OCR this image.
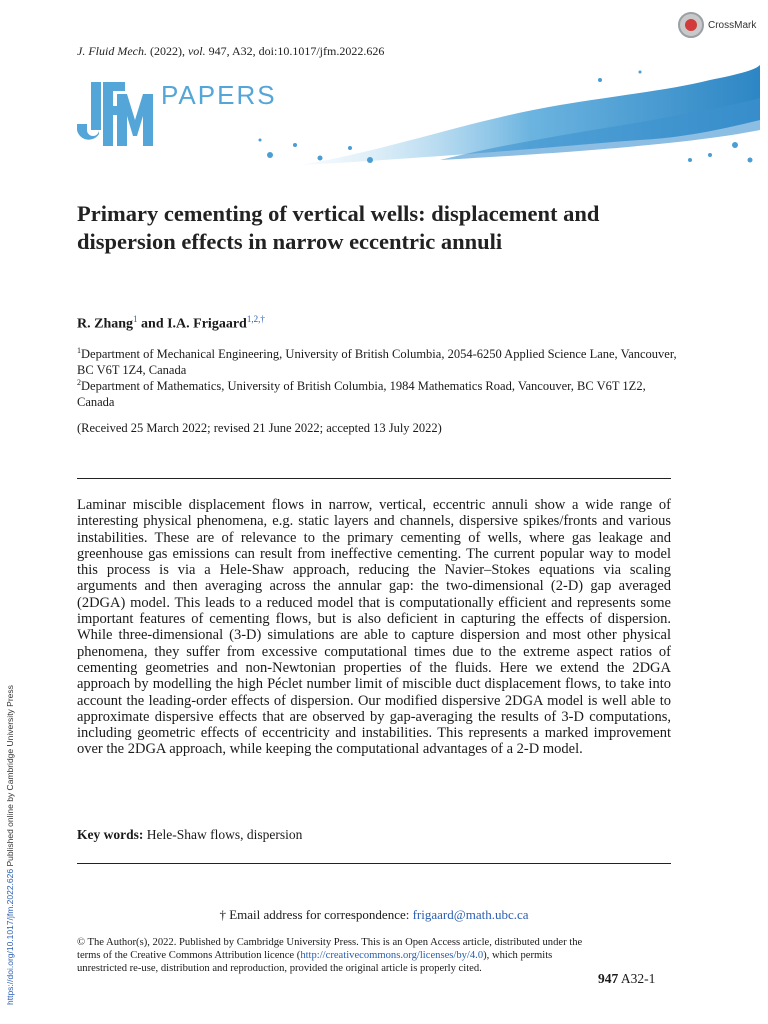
J. Fluid Mech. (2022), vol. 947, A32, doi:10.1017/jfm.2022.626
CrossMark
PAPERS
Primary cementing of vertical wells: displacement and dispersion effects in narrow eccentric annuli
R. Zhang$^1$ and I.A. Frigaard$^{1,2,\dagger}$
$^1$Department of Mechanical Engineering, University of British Columbia, 2054-6250 Applied Science Lane, Vancouver, BC V6T 1Z4, Canada
$^2$Department of Mathematics, University of British Columbia, 1984 Mathematics Road, Vancouver, BC V6T 1Z2, Canada
(Received 25 March 2022; revised 21 June 2022; accepted 13 July 2022)
Laminar miscible displacement flows in narrow, vertical, eccentric annuli show a wide range of interesting physical phenomena, e.g. static layers and channels, dispersive spikes/fronts and various instabilities. These are of relevance to the primary cementing of wells, where gas leakage and greenhouse gas emissions can result from ineffective cementing. The current popular way to model this process is via a Hele-Shaw approach, reducing the Navier–Stokes equations via scaling arguments and then averaging across the annular gap: the two-dimensional (2-D) gap averaged (2DGA) model. This leads to a reduced model that is computationally efficient and represents some important features of cementing flows, but is also deficient in capturing the effects of dispersion. While three-dimensional (3-D) simulations are able to capture dispersion and most other physical phenomena, they suffer from excessive computational times due to the extreme aspect ratios of cementing geometries and non-Newtonian properties of the fluids. Here we extend the 2DGA approach by modelling the high Péclet number limit of miscible duct displacement flows, to take into account the leading-order effects of dispersion. Our modified dispersive 2DGA model is well able to approximate dispersive effects that are observed by gap-averaging the results of 3-D computations, including geometric effects of eccentricity and instabilities. This represents a marked improvement over the 2DGA approach, while keeping the computational advantages of a 2-D model.
Key words: Hele-Shaw flows, dispersion
† Email address for correspondence: frigaard@math.ubc.ca
© The Author(s), 2022. Published by Cambridge University Press. This is an Open Access article, distributed under the terms of the Creative Commons Attribution licence (http://creativecommons.org/licenses/by/4.0), which permits unrestricted re-use, distribution and reproduction, provided the original article is properly cited.
947 A32-1
https://doi.org/10.1017/jfm.2022.626 Published online by Cambridge University Press
